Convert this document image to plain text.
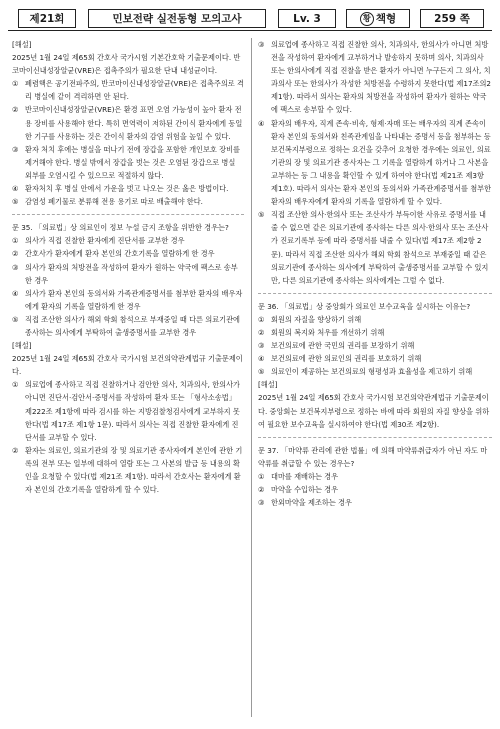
제21회	민보전략 실전동형 모의고사	Lv. 3	황 책형	259 쪽

[해설]

2025년 1월 24일 제65회 간호사 국가시험 기본간호학 기출문제이다. 반코마이신내성장알균(VRE)은 접촉주의가 필요한 단내 내성균이다.

① 폐렴핵은 공기전파주의, 반코마이신내성장알균(VRE)은 접촉주의로 격리 병실에 같이 격리하면 안 된다.
② 반코마이신내성장알균(VRE)은 환경 표면 오염 가능성이 높아 환자 전용 장비를 사용해야 한다. 특히 면역력이 저하된 간이식 환자에게 동일한 기구를 사용하는 것은 간이식 환자의 감염 위험을 높일 수 있다.
③ 환자 처치 후에는 병실을 떠나기 전에 장갑을 포함한 개인보호 장비를 제거해야 한다. 병실 밖에서 장갑을 벗는 것은 오염된 장갑으로 병실 외부를 오염시킬 수 있으므로 적절하지 않다.
④ 환자처치 후 병실 안에서 가운을 벗고 나오는 것은 옳은 방법이다.
⑤ 감염성 폐기물로 분류해 전용 용기로 따로 배출해야 한다.

문 35. 「의료법」상 의료인이 정보 누설 금지 조항을 위반한 경우는?

① 의사가 직접 진찰한 환자에게 진단서를 교부한 경우
② 간호사가 환자에게 환자 본인의 간호기록을 열람하게 한 경우
③ 의사가 환자의 처방전을 작성하여 환자가 원하는 약국에 팩스로 송부한 경우
④ 의사가 환자 본인의 동의서와 가족관계증명서를 첨부한 환자의 배우자에게 환자의 기록을 열람하게 한 경우
⑤ 직접 조산한 의사가 해외 학회 참석으로 부재중일 때 다른 의료기관에 종사하는 의사에게 부탁하여 출생증명서를 교부한 경우

[해설]

2025년 1월 24일 제65회 간호사 국가시험 보건의약관계법규 기출문제이다.

① 의료업에 종사하고 직접 진찰하거나 검안한 의사, 치과의사, 한의사가 아니면 진단서·검안서·증명서를 작성하여 환자 또는 「형사소송법」 제222조 제1항에 따라 검시를 하는 지방검찰청검사에게 교부하지 못한다(법 제17조 제1항 1문). 따라서 의사는 직접 진찰한 환자에게 진단서를 교부할 수 있다.
② 환자는 의료인, 의료기관의 장 및 의료기관 종사자에게 본인에 관한 기록의 전부 또는 일부에 대하여 열람 또는 그 사본의 발급 등 내용의 확인을 요청할 수 있다(법 제21조 제1항). 따라서 간호사는 환자에게 환자 본인의 간호기록을 열람하게 할 수 있다.
③ 의료업에 종사하고 직접 진찰한 의사, 치과의사, 한의사가 아니면 처방전을 작성하여 환자에게 교부하거나 발송하지 못하며 의사, 치과의사 또는 한의사에게 직접 진찰을 받은 환자가 아니면 누구든지 그 의사, 치과의사 또는 한의사가 작성한 처방전을 수령하지 못한다(법 제17조의2 제1항). 따라서 의사는 환자의 처방전을 작성하여 환자가 원하는 약국에 팩스로 송부할 수 있다.
④ 환자의 배우자, 직계 존속·비속, 형제·자매 또는 배우자의 직계 존속이 환자 본인의 동의서와 친족관계임을 나타내는 증명서 등을 첨부하는 등 보건복지부령으로 정하는 요건을 갖추어 요청한 경우에는 의료인, 의료기관의 장 및 의료기관 종사자는 그 기록을 열람하게 하거나 그 사본을 교부하는 등 그 내용을 확인할 수 있게 하여야 한다(법 제21조 제3항 제1호). 따라서 의사는 환자 본인의 동의서와 가족관계증명서를 첨부한 환자의 배우자에게 환자의 기록을 열람하게 할 수 있다.
⑤ 직접 조산한 의사·한의사 또는 조산사가 부득이한 사유로 증명서를 내줄 수 없으면 같은 의료기관에 종사하는 다른 의사·한의사 또는 조산사가 진료기록부 등에 따라 증명서를 내줄 수 있다(법 제17조 제2항 2문). 따라서 직접 조산한 의사가 해외 학회 참석으로 부재중일 때 같은 의료기관에 종사하는 의사에게 부탁하여 출생증명서를 교부할 수 있지만, 다른 의료기관에 종사하는 의사에게는 그럴 수 없다.

문 36. 「의료법」상 중앙회가 의료인 보수교육을 실시하는 이유는?

① 회원의 자질을 향상하기 위해
② 회원의 복지와 처우를 개선하기 위해
③ 보건의료에 관한 국민의 권리를 보장하기 위해
④ 보건의료에 관한 의료인의 권리를 보호하기 위해
⑤ 의료인이 제공하는 보건의료의 형평성과 효율성을 제고하기 위해

[해설]

2025년 1월 24일 제65회 간호사 국가시험 보건의약관계법규 기출문제이다. 중앙회는 보건복지부령으로 정하는 바에 따라 회원의 자질 향상을 위하여 필요한 보수교육을 실시하여야 한다(법 제30조 제2항).

문 37. 「마약류 관리에 관한 법률」에 의해 마약류취급자가 아닌 자도 마약류를 취급할 수 있는 경우는?

① 대마를 재배하는 경우
② 마약을 수입하는 경우
③ 한외마약을 제조하는 경우
